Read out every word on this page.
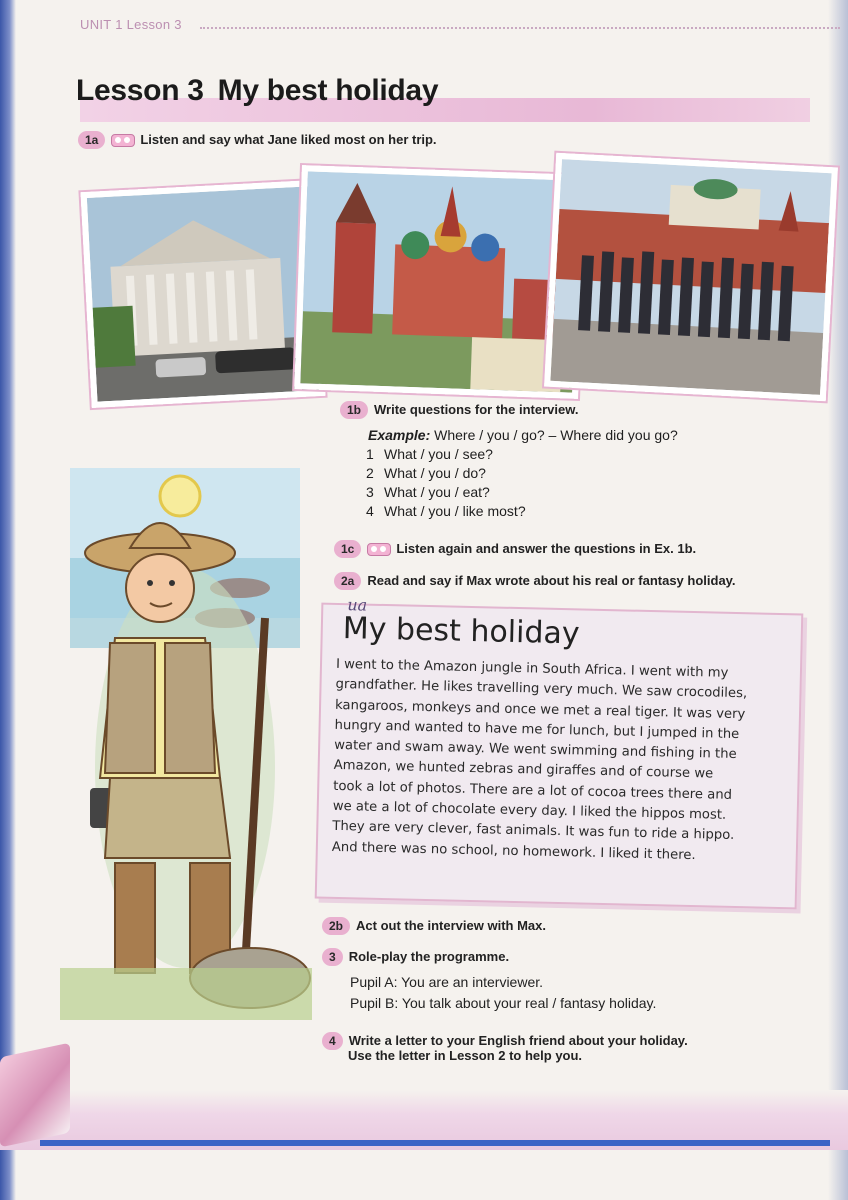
UNIT 1 Lesson 3
Lesson 3 My best holiday
1a	Listen and say what Jane liked most on her trip.
1b Write questions for the interview.
Example: Where / you / go? – Where did you go?
1 What / you / see?
2 What / you / do?
3 What / you / eat?
4 What / you / like most?
1c	Listen again and answer the questions in Ex. 1b.
2a Read and say if Max wrote about his real or fantasy holiday.
ua
My best holiday
I went to the Amazon jungle in South Africa. I went with my
grandfather. He likes travelling very much. We saw crocodiles,
kangaroos, monkeys and once we met a real tiger. It was very
hungry and wanted to have me for lunch, but I jumped in the
water and swam away. We went swimming and fishing in the
Amazon, we hunted zebras and giraffes and of course we
took a lot of photos. There are a lot of cocoa trees there and
we ate a lot of chocolate every day. I liked the hippos most.
They are very clever, fast animals. It was fun to ride a hippo.
And there was no school, no homework. I liked it there.
2b Act out the interview with Max.
3 Role-play the programme.
Pupil A: You are an interviewer.
Pupil B: You talk about your real / fantasy holiday.
4 Write a letter to your English friend about your holiday.
Use the letter in Lesson 2 to help you.
